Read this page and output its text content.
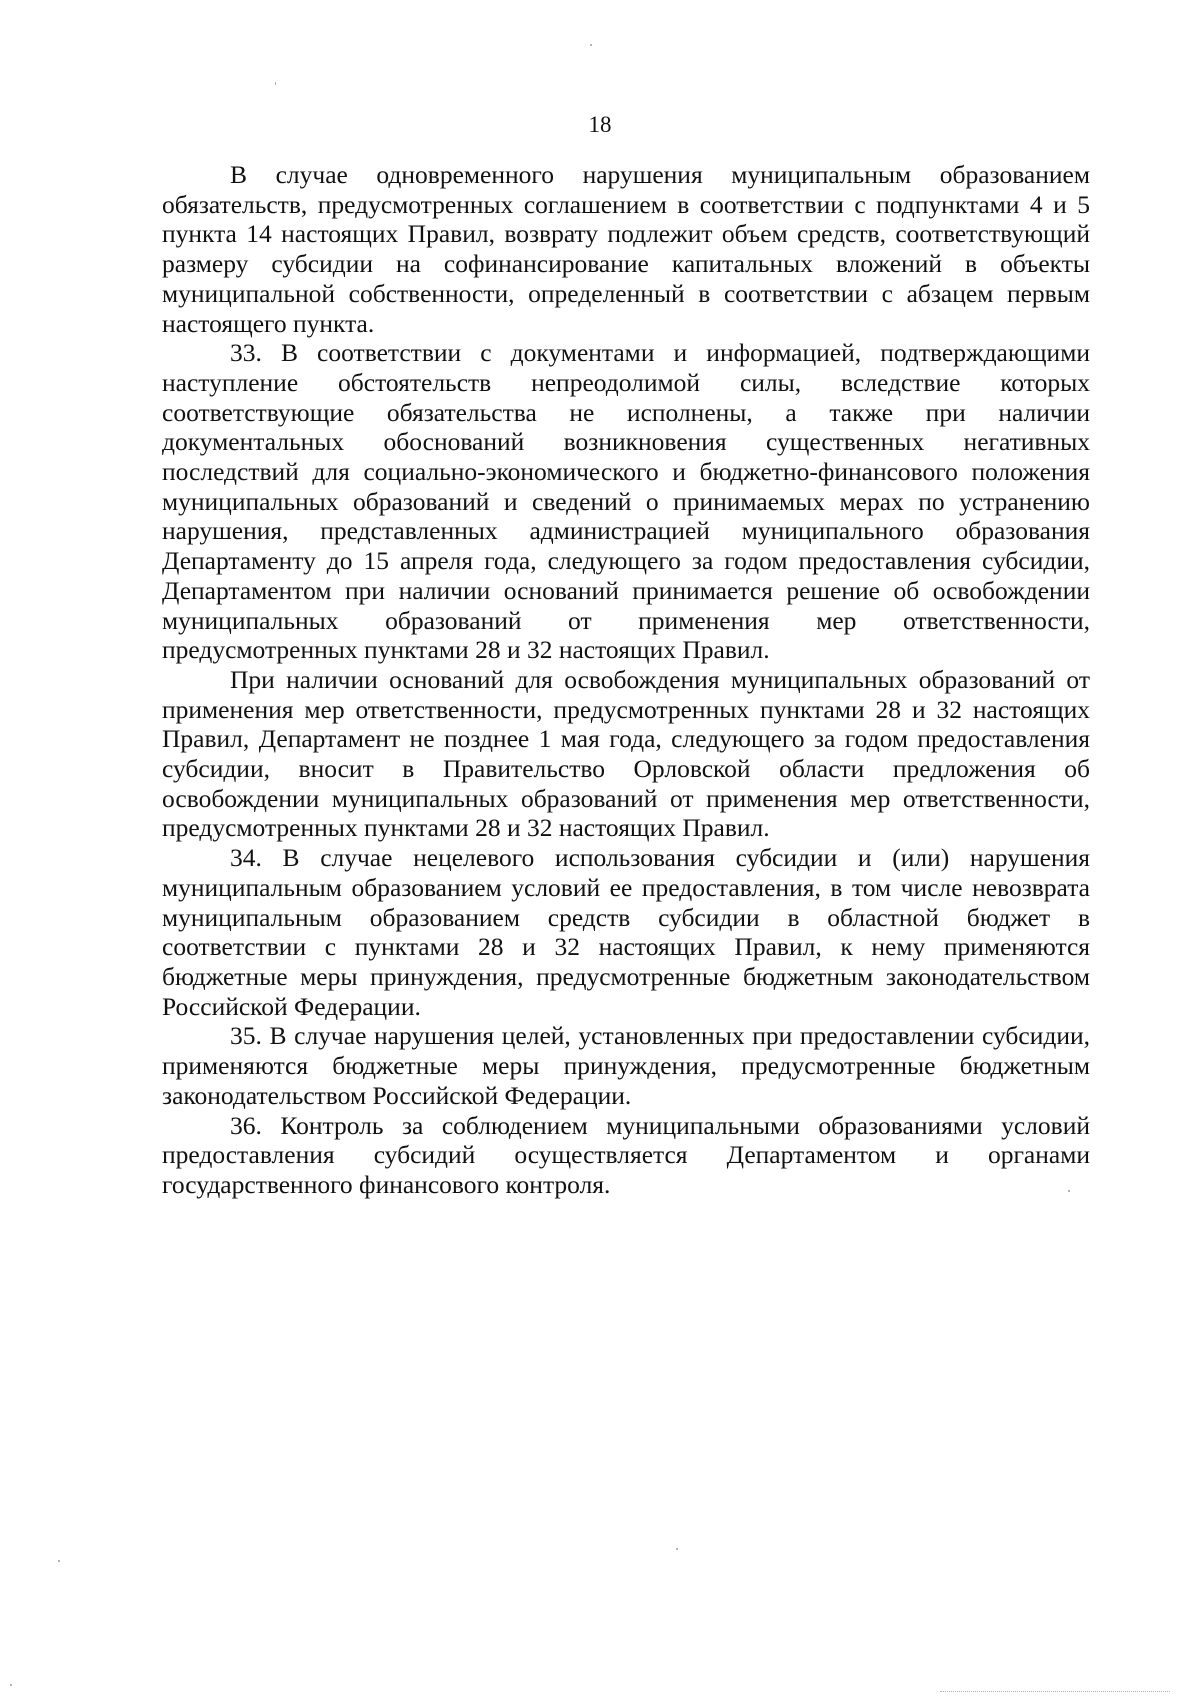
18

В случае одновременного нарушения муниципальным образованием обязательств, предусмотренных соглашением в соответствии с подпунктами 4 и 5 пункта 14 настоящих Правил, возврату подлежит объем средств, соответствующий размеру субсидии на софинансирование капитальных вложений в объекты муниципальной собственности, определенный в соответствии с абзацем первым настоящего пункта.

33. В соответствии с документами и информацией, подтверждающими наступление обстоятельств непреодолимой силы, вследствие которых соответствующие обязательства не исполнены, а также при наличии документальных обоснований возникновения существенных негативных последствий для социально-экономического и бюджетно-финансового положения муниципальных образований и сведений о принимаемых мерах по устранению нарушения, представленных администрацией муниципального образования Департаменту до 15 апреля года, следующего за годом предоставления субсидии, Департаментом при наличии оснований принимается решение об освобождении муниципальных образований от применения мер ответственности, предусмотренных пунктами 28 и 32 настоящих Правил.

При наличии оснований для освобождения муниципальных образований от применения мер ответственности, предусмотренных пунктами 28 и 32 настоящих Правил, Департамент не позднее 1 мая года, следующего за годом предоставления субсидии, вносит в Правительство Орловской области предложения об освобождении муниципальных образований от применения мер ответственности, предусмотренных пунктами 28 и 32 настоящих Правил.

34. В случае нецелевого использования субсидии и (или) нарушения муниципальным образованием условий ее предоставления, в том числе невозврата муниципальным образованием средств субсидии в областной бюджет в соответствии с пунктами 28 и 32 настоящих Правил, к нему применяются бюджетные меры принуждения, предусмотренные бюджетным законодательством Российской Федерации.

35. В случае нарушения целей, установленных при предоставлении субсидии, применяются бюджетные меры принуждения, предусмотренные бюджетным законодательством Российской Федерации.

36. Контроль за соблюдением муниципальными образованиями условий предоставления субсидий осуществляется Департаментом и органами государственного финансового контроля.
